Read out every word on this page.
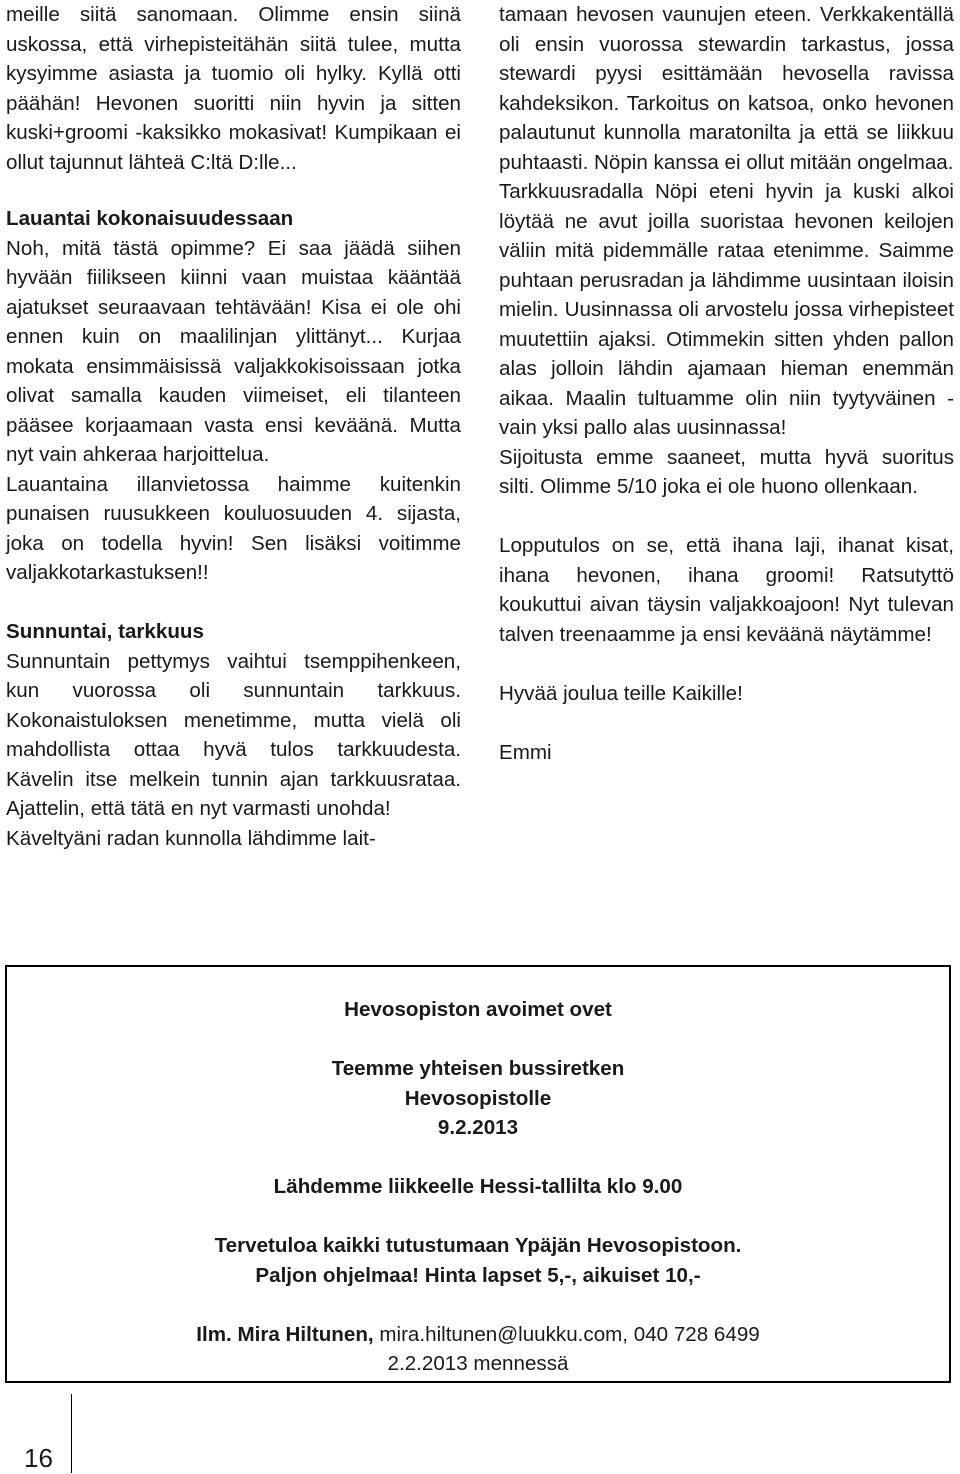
meille siitä sanomaan. Olimme ensin siinä uskossa, että virhepisteitähän siitä tulee, mutta kysyimme asiasta ja tuomio oli hylky. Kyllä otti päähän! Hevonen suoritti niin hyvin ja sitten kuski+groomi -kaksikko mokasivat! Kumpikaan ei ollut tajunnut lähteä C:ltä D:lle...

Lauantai kokonaisuudessaan

Noh, mitä tästä opimme? Ei saa jäädä siihen hyvään fiilikseen kiinni vaan muistaa kääntää ajatukset seuraavaan tehtävään! Kisa ei ole ohi ennen kuin on maalilinjan ylittänyt... Kurjaa mokata ensimmäisissä valjakkokisoissaan jotka olivat samalla kauden viimeiset, eli tilanteen pääsee korjaamaan vasta ensi keväänä. Mutta nyt vain ahkeraa harjoittelua.

Lauantaina illanvietossa haimme kuitenkin punaisen ruusukkeen kouluosuuden 4. sijasta, joka on todella hyvin! Sen lisäksi voitimme valjakkotarkastuksen!!

Sunnuntai, tarkkuus

Sunnuntain pettymys vaihtui tsemppihenkeen, kun vuorossa oli sunnuntain tarkkuus. Kokonaistuloksen menetimme, mutta vielä oli mahdollista ottaa hyvä tulos tarkkuudesta. Kävelin itse melkein tunnin ajan tarkkuusrataa. Ajattelin, että tätä en nyt varmasti unohda!

Käveltyäni radan kunnolla lähdimme lait-

tamaan hevosen vaunujen eteen. Verkkakentällä oli ensin vuorossa stewardin tarkastus, jossa stewardi pyysi esittämään hevosella ravissa kahdeksikon. Tarkoitus on katsoa, onko hevonen palautunut kunnolla maratonilta ja että se liikkuu puhtaasti. Nöpin kanssa ei ollut mitään ongelmaa.

Tarkkuusradalla Nöpi eteni hyvin ja kuski alkoi löytää ne avut joilla suoristaa hevonen keilojen väliin mitä pidemmälle rataa etenimme. Saimme puhtaan perusradan ja lähdimme uusintaan iloisin mielin. Uusinnassa oli arvostelu jossa virhepisteet muutettiin ajaksi. Otimmekin sitten yhden pallon alas jolloin lähdin ajamaan hieman enemmän aikaa. Maalin tultuamme olin niin tyytyväinen - vain yksi pallo alas uusinnassa!

Sijoitusta emme saaneet, mutta hyvä suoritus silti. Olimme 5/10 joka ei ole huono ollenkaan.

Lopputulos on se, että ihana laji, ihanat kisat, ihana hevonen, ihana groomi! Ratsutyttö koukuttui aivan täysin valjakkoajoon! Nyt tulevan talven treenaamme ja ensi keväänä näytämme!

Hyvää joulua teille Kaikille!

Emmi

Hevosopiston avoimet ovet
Teemme yhteisen bussiretken
Hevosopistolle
9.2.2013
Lähdemme liikkeelle Hessi-tallilta klo 9.00
Tervetuloa kaikki tutustumaan Ypäjän Hevosopistoon.
Paljon ohjelmaa! Hinta lapset 5,-, aikuiset 10,-
Ilm. Mira Hiltunen, mira.hiltunen@luukku.com, 040 728 6499
2.2.2013 mennessä
16
